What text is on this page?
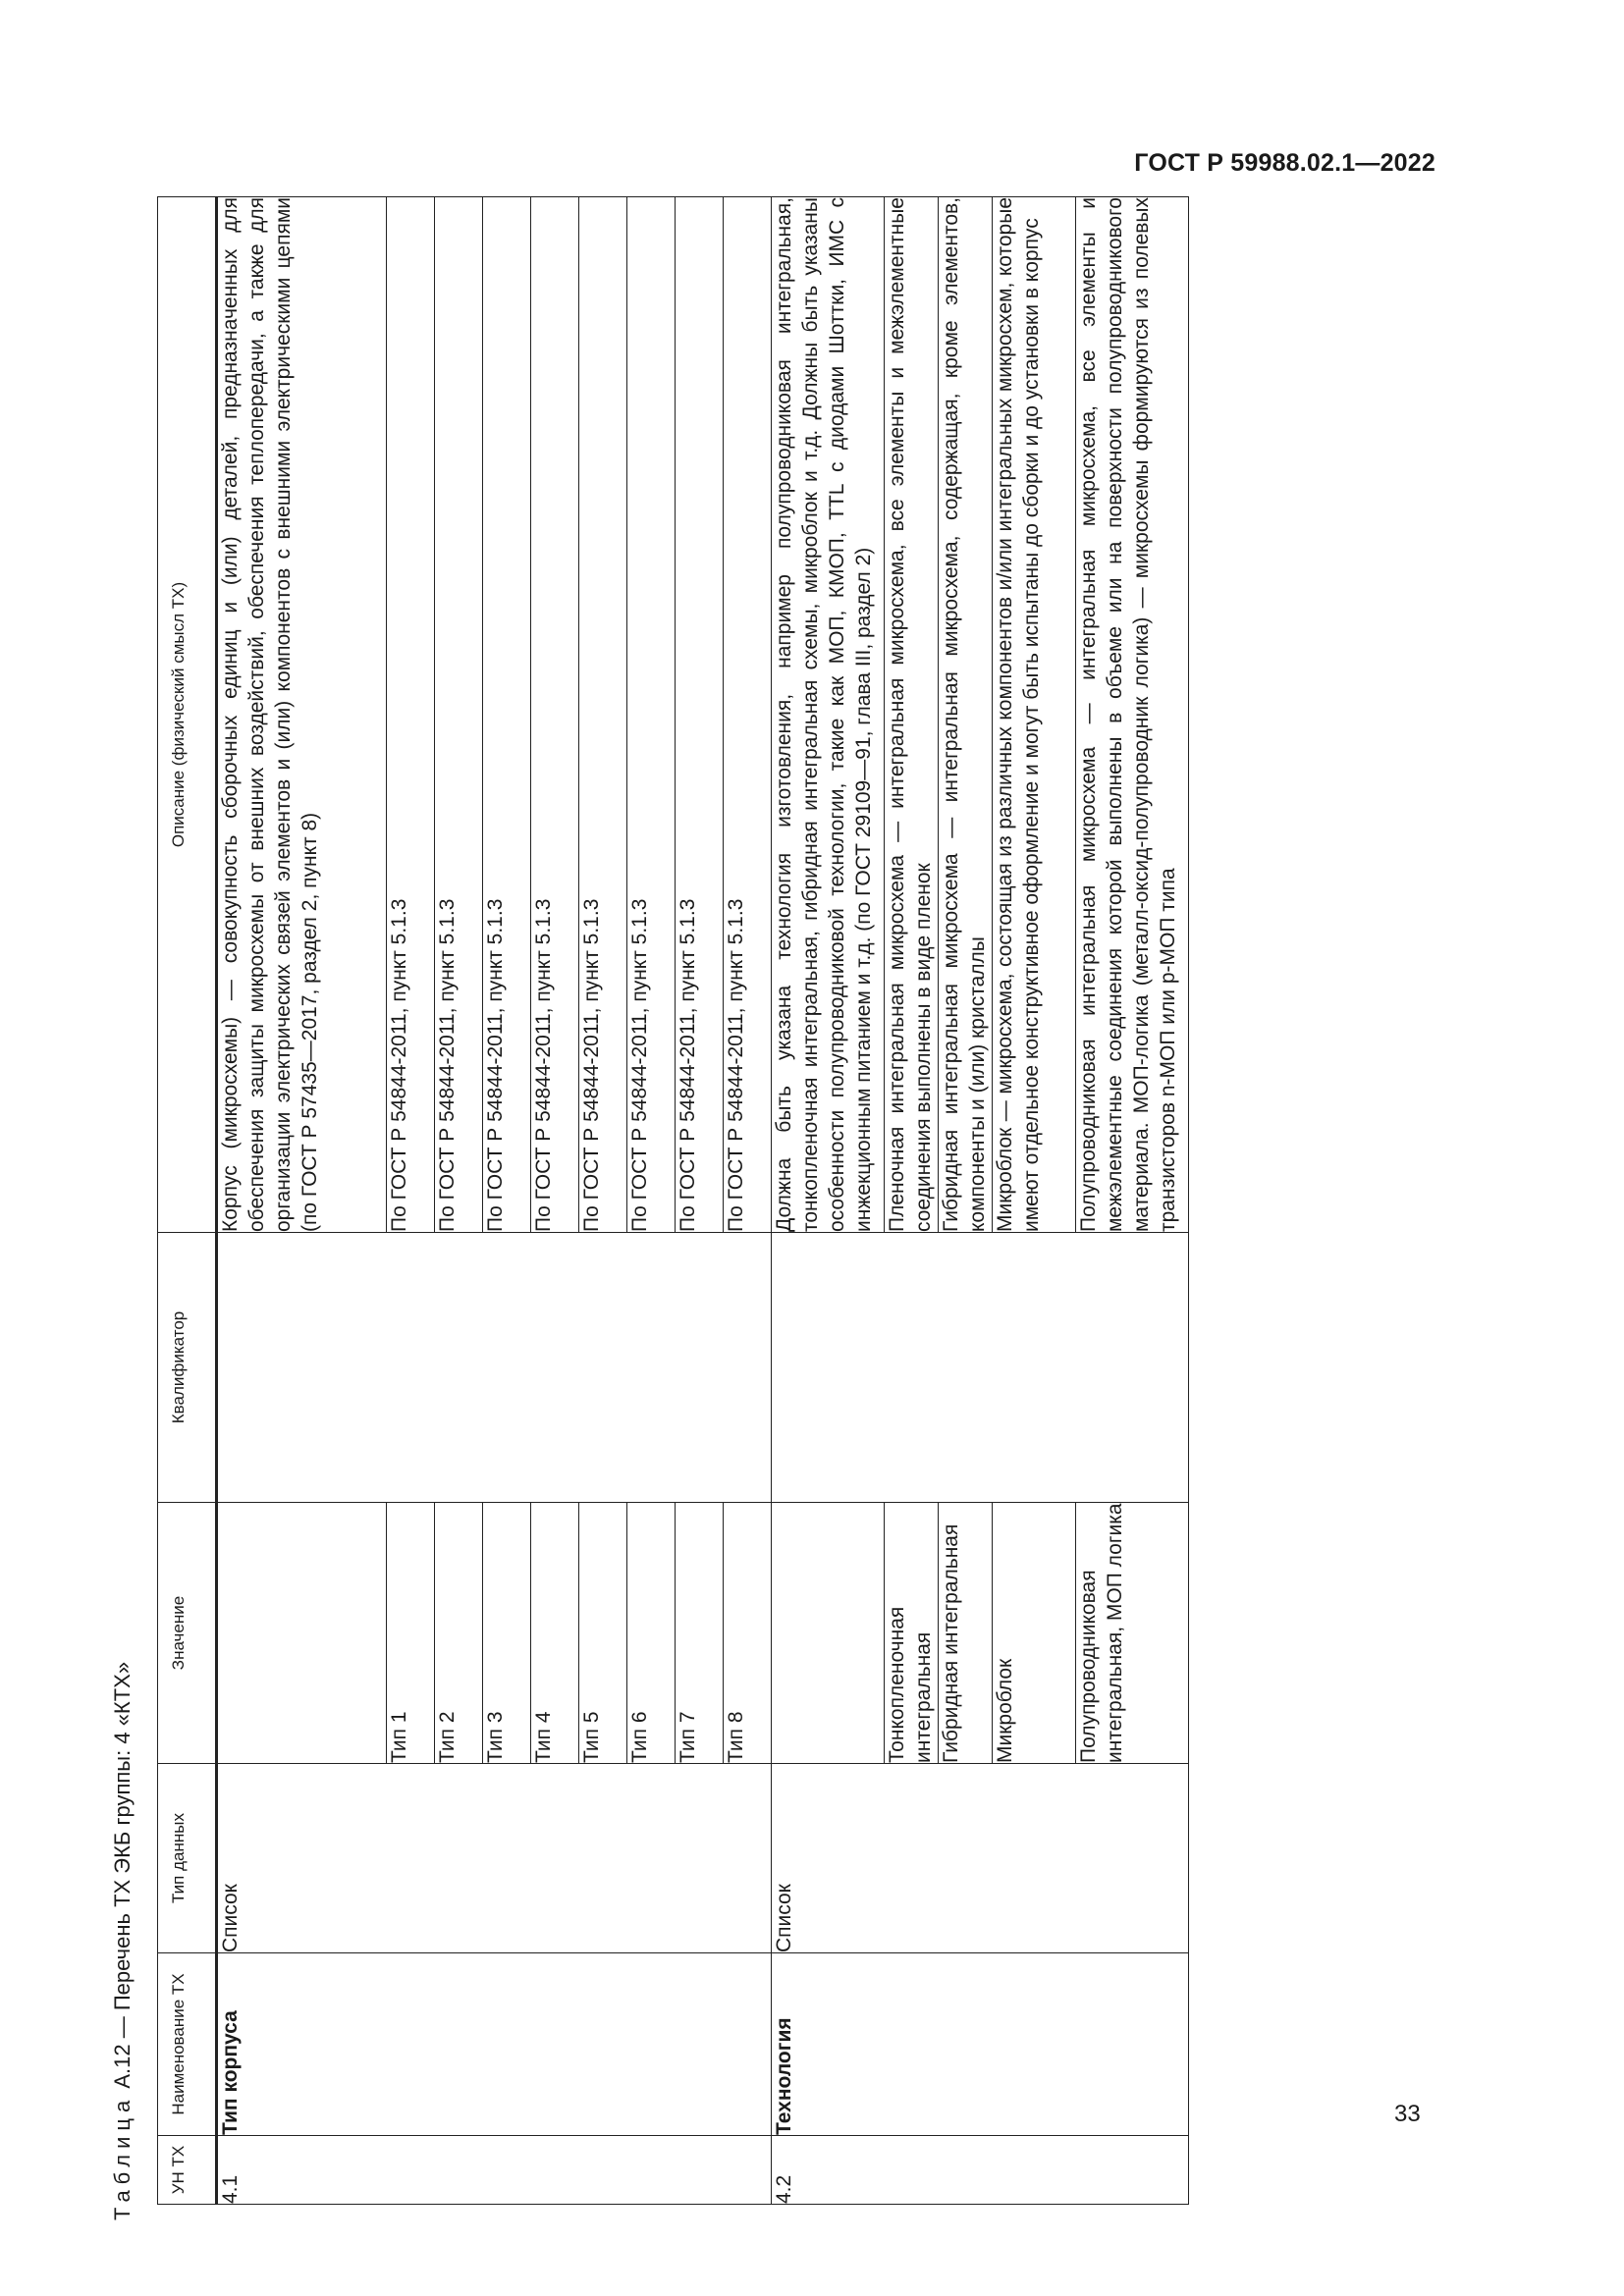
ГОСТ Р 59988.02.1—2022
Таблица А.12 — Перечень ТХ ЭКБ группы: 4 «КТХ»
УН ТХ	Наименование ТХ	Тип данных	Значение	Квалификатор	Описание (физический смысл ТХ)
4.1	Тип корпуса	Список			Корпус (микросхемы) — совокупность сборочных единиц и (или) деталей, предназначенных для обеспечения защиты микросхемы от внешних воздействий, обеспечения теплопередачи, а также для организации электрических связей элементов и (или) компонентов с внешними электрическими цепями (по ГОСТ Р 57435—2017, раздел 2, пункт 8)
			Тип 1		По ГОСТ Р 54844-2011, пункт 5.1.3
			Тип 2		По ГОСТ Р 54844-2011, пункт 5.1.3
			Тип 3		По ГОСТ Р 54844-2011, пункт 5.1.3
			Тип 4		По ГОСТ Р 54844-2011, пункт 5.1.3
			Тип 5		По ГОСТ Р 54844-2011, пункт 5.1.3
			Тип 6		По ГОСТ Р 54844-2011, пункт 5.1.3
			Тип 7		По ГОСТ Р 54844-2011, пункт 5.1.3
			Тип 8		По ГОСТ Р 54844-2011, пункт 5.1.3
4.2	Технология	Список			Должна быть указана технология изготовления, например полупроводниковая интегральная, тонкопленочная интегральная, гибридная интегральная схемы, микроблок и т.д. Должны быть указаны особенности полупроводниковой технологии, такие как МОП, КМОП, TTL с диодами Шоттки, ИМС с инжекционным питанием и т.д. (по ГОСТ 29109—91, глава III, раздел 2)
			Тонкопленочная интегральная		Пленочная интегральная микросхема — интегральная микросхема, все элементы и межэлементные соединения выполнены в виде пленок
			Гибридная интегральная		Гибридная интегральная микросхема — интегральная микросхема, содержащая, кроме элементов, компоненты и (или) кристаллы
			Микроблок		Микроблок — микросхема, состоящая из различных компонентов и/или интегральных микросхем, которые имеют отдельное конструктивное оформление и могут быть испытаны до сборки и до установки в корпус
			Полупроводниковая интегральная, МОП логика		Полупроводниковая интегральная микросхема — интегральная микросхема, все элементы и межэлементные соединения которой выполнены в объеме или на поверхности полупроводникового материала. МОП-логика (металл-оксид-полупроводник логика) — микросхемы формируются из полевых транзисторов n-МОП или p-МОП типа
33
